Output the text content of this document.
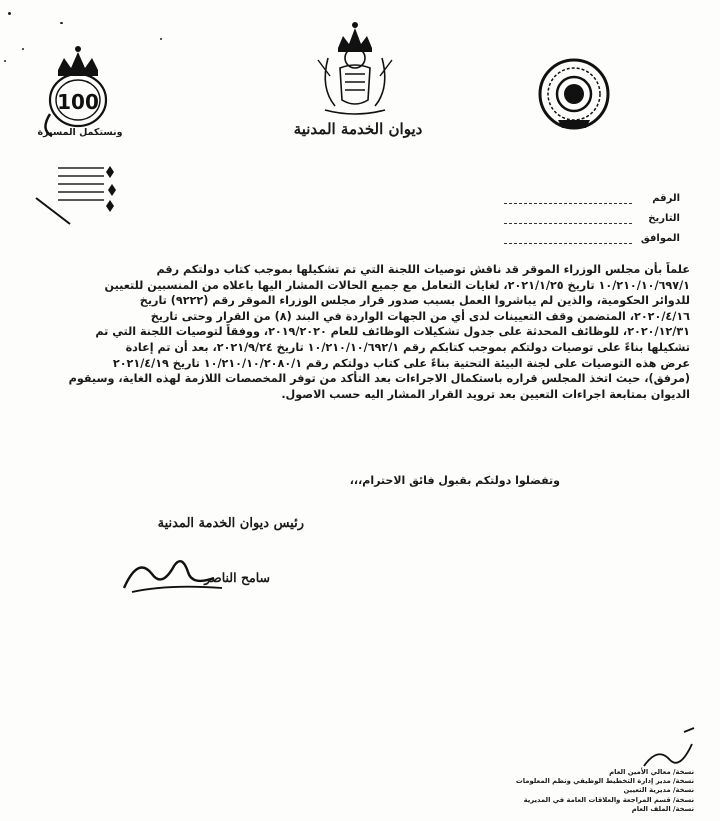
100
ونستكمل المسيرة	ديوان الخدمة المدنية
الرقم
التاريخ
الموافق
علماً بأن مجلس الوزراء الموقر قد ناقش توصيات اللجنة التي تم تشكيلها بموجب كتاب دولتكم رقم
١٠/٢١٠/١٠/٦٩٧/١ تاريخ ٢٠٢١/١/٢٥، لغايات التعامل مع جميع الحالات المشار اليها باعلاه من المنسبين للتعيين
للدوائر الحكومية، والذين لم يباشروا العمل بسبب صدور قرار مجلس الوزراء الموقر رقم (٩٢٢٢) تاريخ
٢٠٢٠/٤/١٦، المتضمن وقف التعيينات لدى أي من الجهات الواردة في البند (٨) من القرار وحتى تاريخ
٢٠٢٠/١٢/٣١، للوظائف المحدثة على جدول تشكيلات الوظائف للعام ٢٠١٩/٢٠٢٠، ووفقاً لتوصيات اللجنة التي تم
تشكيلها بناءً على توصيات دولتكم بموجب كتابكم رقم ١٠/٢١٠/١٠/٦٩٢/١ تاريخ ٢٠٢١/٩/٢٤، بعد أن تم إعادة
عرض هذه التوصيات على لجنة البيئة التحتية بناءً على كتاب دولتكم رقم ١٠/٢١٠/١٠/٢٠٨٠/١ تاريخ ٢٠٢١/٤/١٩
(مرفق)، حيث اتخذ المجلس قراره باستكمال الاجراءات بعد التأكد من توفر المخصصات اللازمة لهذه الغاية، وسيقوم
الديوان بمتابعة اجراءات التعيين بعد ترويد القرار المشار اليه حسب الاصول.
وتفضلوا دولتكم بقبول فائق الاحترام،،،
رئيس ديوان الخدمة المدنية
سامح الناصر
نسخة/ معالي الأمين العام
نسخة/ مدير إدارة التخطيط الوظيفي ونظم المعلومات
نسخة/ مديرية التعيين
نسخة/ قسم المراجعة والعلاقات العامة في المديرية
نسخة/ الملف العام
